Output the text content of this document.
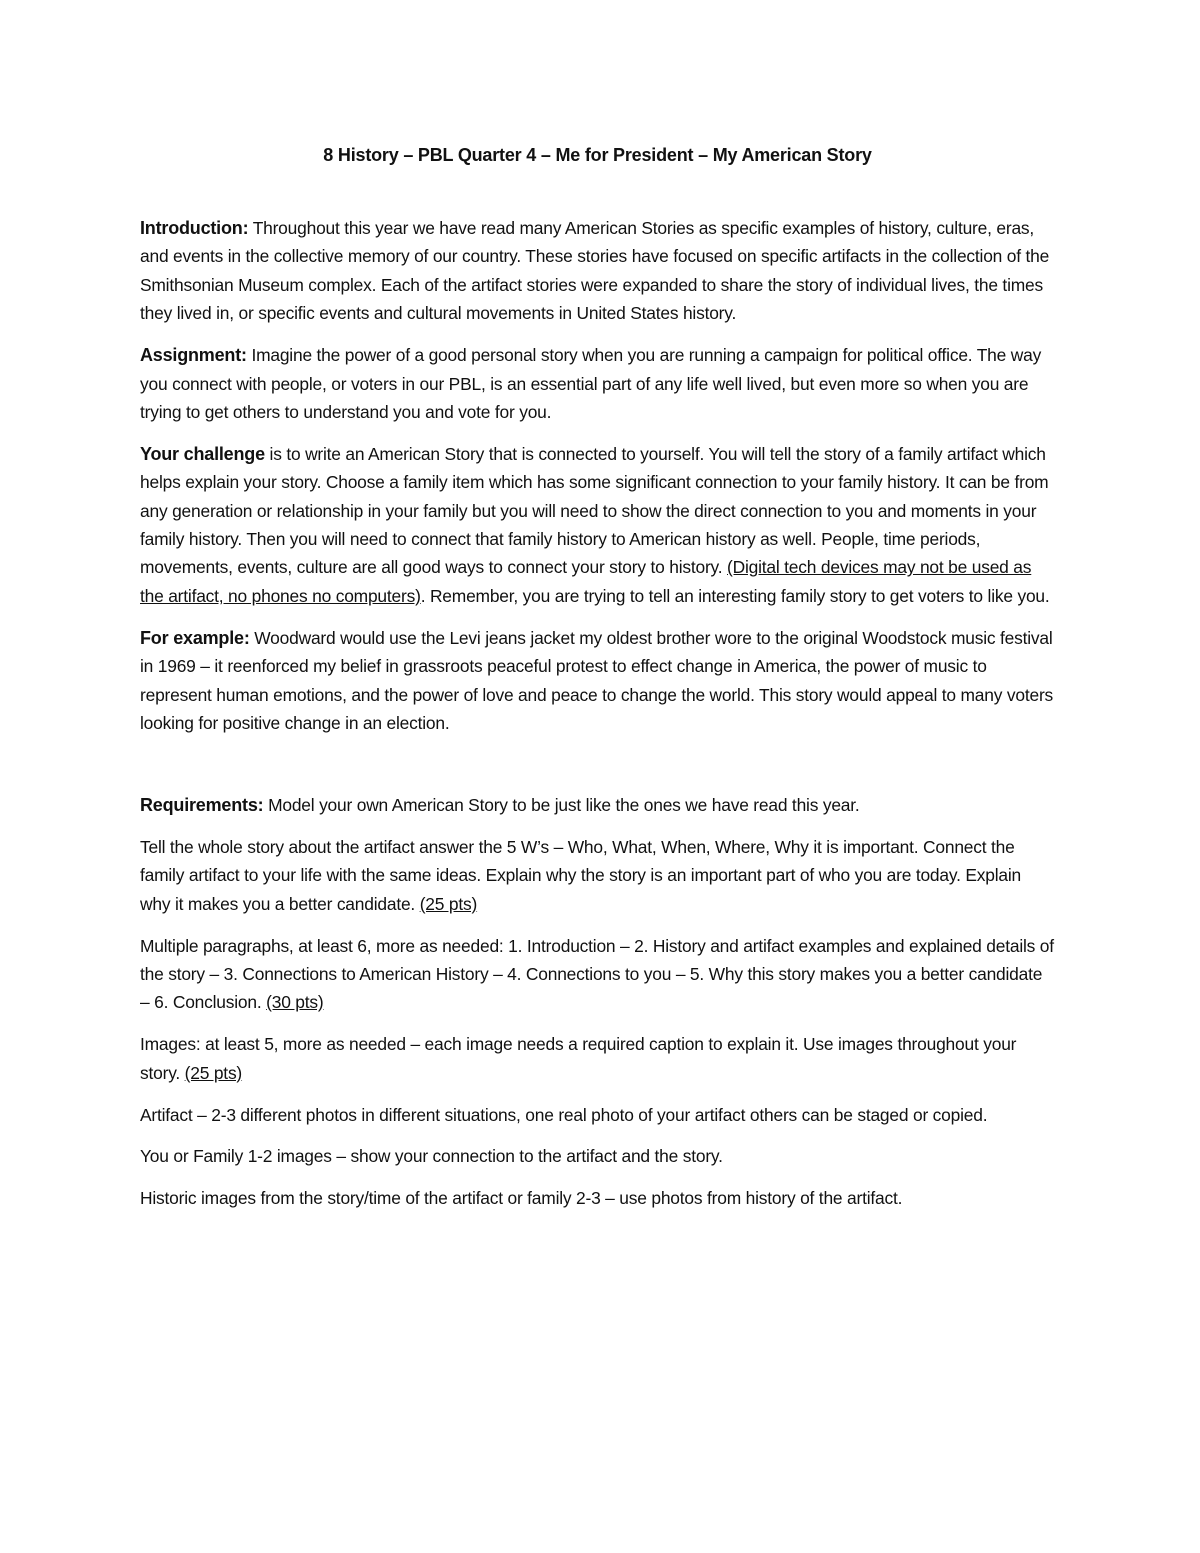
8 History – PBL Quarter 4 – Me for President – My American Story

Introduction: Throughout this year we have read many American Stories as specific examples of history, culture, eras, and events in the collective memory of our country. These stories have focused on specific artifacts in the collection of the Smithsonian Museum complex. Each of the artifact stories were expanded to share the story of individual lives, the times they lived in, or specific events and cultural movements in United States history.

Assignment: Imagine the power of a good personal story when you are running a campaign for political office. The way you connect with people, or voters in our PBL, is an essential part of any life well lived, but even more so when you are trying to get others to understand you and vote for you.

Your challenge is to write an American Story that is connected to yourself. You will tell the story of a family artifact which helps explain your story. Choose a family item which has some significant connection to your family history. It can be from any generation or relationship in your family but you will need to show the direct connection to you and moments in your family history. Then you will need to connect that family history to American history as well. People, time periods, movements, events, culture are all good ways to connect your story to history. (Digital tech devices may not be used as the artifact, no phones no computers). Remember, you are trying to tell an interesting family story to get voters to like you.

For example: Woodward would use the Levi jeans jacket my oldest brother wore to the original Woodstock music festival in 1969 – it reenforced my belief in grassroots peaceful protest to effect change in America, the power of music to represent human emotions, and the power of love and peace to change the world. This story would appeal to many voters looking for positive change in an election.

Requirements: Model your own American Story to be just like the ones we have read this year.

Tell the whole story about the artifact answer the 5 W’s – Who, What, When, Where, Why it is important. Connect the family artifact to your life with the same ideas. Explain why the story is an important part of who you are today. Explain why it makes you a better candidate. (25 pts)

Multiple paragraphs, at least 6, more as needed: 1. Introduction – 2. History and artifact examples and explained details of the story – 3. Connections to American History – 4. Connections to you – 5. Why this story makes you a better candidate – 6. Conclusion. (30 pts)

Images: at least 5, more as needed – each image needs a required caption to explain it. Use images throughout your story. (25 pts)

Artifact – 2-3 different photos in different situations, one real photo of your artifact others can be staged or copied.

You or Family 1-2 images – show your connection to the artifact and the story.

Historic images from the story/time of the artifact or family 2-3 – use photos from history of the artifact.
